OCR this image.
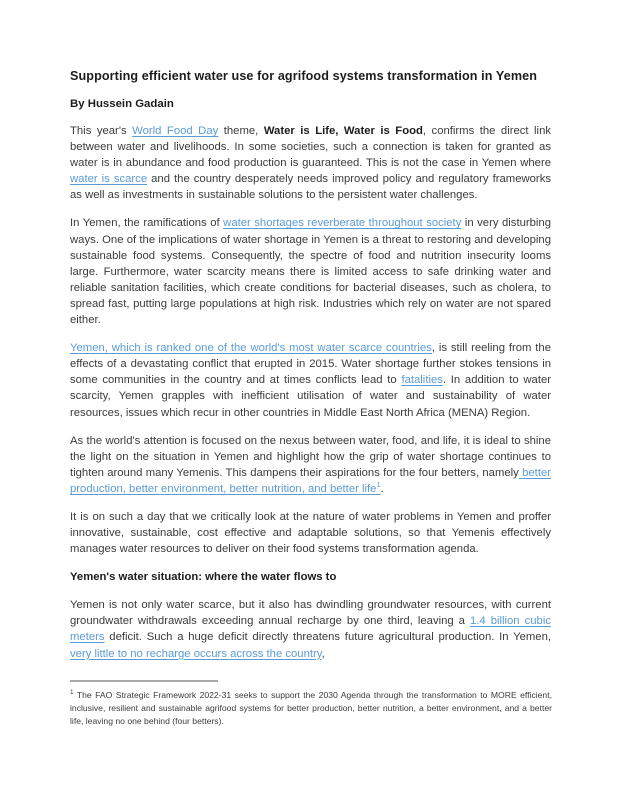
Supporting efficient water use for agrifood systems transformation in Yemen
By Hussein Gadain

This year's World Food Day theme, Water is Life, Water is Food, confirms the direct link between water and livelihoods. In some societies, such a connection is taken for granted as water is in abundance and food production is guaranteed. This is not the case in Yemen where water is scarce and the country desperately needs improved policy and regulatory frameworks as well as investments in sustainable solutions to the persistent water challenges.

In Yemen, the ramifications of water shortages reverberate throughout society in very disturbing ways. One of the implications of water shortage in Yemen is a threat to restoring and developing sustainable food systems. Consequently, the spectre of food and nutrition insecurity looms large. Furthermore, water scarcity means there is limited access to safe drinking water and reliable sanitation facilities, which create conditions for bacterial diseases, such as cholera, to spread fast, putting large populations at high risk. Industries which rely on water are not spared either.

Yemen, which is ranked one of the world's most water scarce countries, is still reeling from the effects of a devastating conflict that erupted in 2015. Water shortage further stokes tensions in some communities in the country and at times conflicts lead to fatalities. In addition to water scarcity, Yemen grapples with inefficient utilisation of water and sustainability of water resources, issues which recur in other countries in Middle East North Africa (MENA) Region.

As the world's attention is focused on the nexus between water, food, and life, it is ideal to shine the light on the situation in Yemen and highlight how the grip of water shortage continues to tighten around many Yemenis. This dampens their aspirations for the four betters, namely better production, better environment, better nutrition, and better life$^1$.

It is on such a day that we critically look at the nature of water problems in Yemen and proffer innovative, sustainable, cost effective and adaptable solutions, so that Yemenis effectively manages water resources to deliver on their food systems transformation agenda.

Yemen's water situation: where the water flows to

Yemen is not only water scarce, but it also has dwindling groundwater resources, with current groundwater withdrawals exceeding annual recharge by one third, leaving a 1.4 billion cubic meters deficit. Such a huge deficit directly threatens future agricultural production. In Yemen, very little to no recharge occurs across the country,

$^1$ The FAO Strategic Framework 2022-31 seeks to support the 2030 Agenda through the transformation to MORE efficient, inclusive, resilient and sustainable agrifood systems for better production, better nutrition, a better environment, and a better life, leaving no one behind (four betters).
